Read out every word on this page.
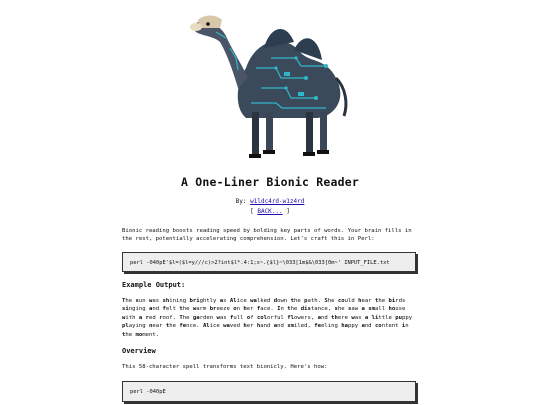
A One-Liner Bionic Reader
By: w1ldc4rd-w1z4rd
[ BACK... ]
Bionic reading boosts reading speed by bolding key parts of words. Your brain fills in the rest, potentially accelerating comprehension. Let's craft this in Perl:
perl -040pE'$l=($l=y///c)>2?int$l*.4:1;s~.{$l}~\033[1m$&\033[0m~' INPUT_FILE.txt
Example Output:
The sun was shining brightly as Alice walked down the path. She could hear the birds singing and felt the warm breeze on her face. In the distance, she saw a small house with a red roof. The garden was full of colorful flowers, and there was a little puppy playing near the fence. Alice waved her hand and smiled, feeling happy and content in the moment.
Overview
This 58-character spell transforms text bionicly. Here's how:
perl -040pE
